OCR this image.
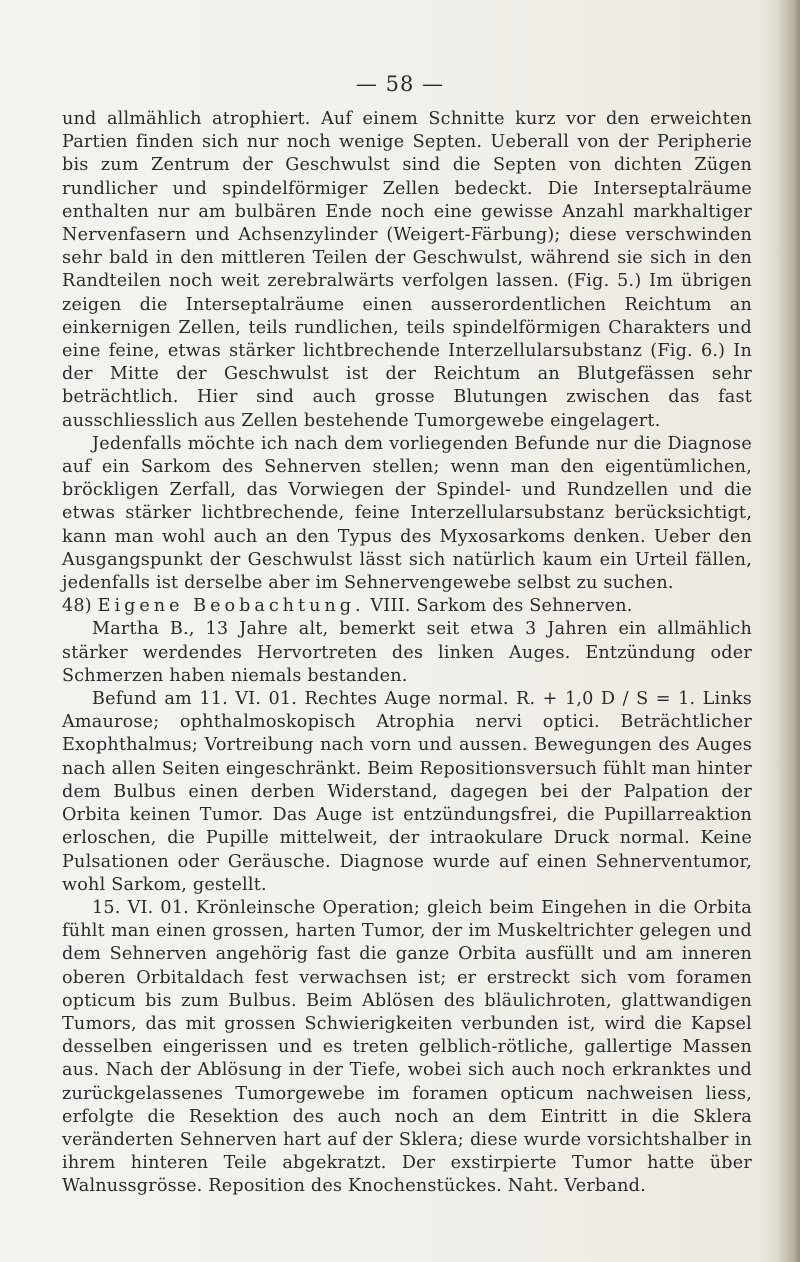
— 58 —

und allmählich atrophiert. Auf einem Schnitte kurz vor den erweichten Partien finden sich nur noch wenige Septen. Ueberall von der Peripherie bis zum Zentrum der Geschwulst sind die Septen von dichten Zügen rundlicher und spindelförmiger Zellen bedeckt. Die Interseptalräume enthalten nur am bulbären Ende noch eine gewisse Anzahl markhaltiger Nervenfasern und Achsenzylinder (Weigert-Färbung); diese verschwinden sehr bald in den mittleren Teilen der Geschwulst, während sie sich in den Randteilen noch weit zerebralwärts verfolgen lassen. (Fig. 5.) Im übrigen zeigen die Interseptalräume einen ausserordentlichen Reichtum an einkernigen Zellen, teils rundlichen, teils spindelförmigen Charakters und eine feine, etwas stärker lichtbrechende Interzellularsubstanz (Fig. 6.) In der Mitte der Geschwulst ist der Reichtum an Blutgefässen sehr beträchtlich. Hier sind auch grosse Blutungen zwischen das fast ausschliesslich aus Zellen bestehende Tumorgewebe eingelagert.

Jedenfalls möchte ich nach dem vorliegenden Befunde nur die Diagnose auf ein Sarkom des Sehnerven stellen; wenn man den eigentümlichen, bröckligen Zerfall, das Vorwiegen der Spindel- und Rundzellen und die etwas stärker lichtbrechende, feine Interzellularsubstanz berücksichtigt, kann man wohl auch an den Typus des Myxosarkoms denken. Ueber den Ausgangspunkt der Geschwulst lässt sich natürlich kaum ein Urteil fällen, jedenfalls ist derselbe aber im Sehnervengewebe selbst zu suchen.

48) Eigene Beobachtung. VIII. Sarkom des Sehnerven.

Martha B., 13 Jahre alt, bemerkt seit etwa 3 Jahren ein allmählich stärker werdendes Hervortreten des linken Auges. Entzündung oder Schmerzen haben niemals bestanden.

Befund am 11. VI. 01. Rechtes Auge normal. R. + 1,0 D / S = 1. Links Amaurose; ophthalmoskopisch Atrophia nervi optici. Beträchtlicher Exophthalmus; Vortreibung nach vorn und aussen. Bewegungen des Auges nach allen Seiten eingeschränkt. Beim Repositionsversuch fühlt man hinter dem Bulbus einen derben Widerstand, dagegen bei der Palpation der Orbita keinen Tumor. Das Auge ist entzündungsfrei, die Pupillarreaktion erloschen, die Pupille mittelweit, der intraokulare Druck normal. Keine Pulsationen oder Geräusche. Diagnose wurde auf einen Sehnerventumor, wohl Sarkom, gestellt.

15. VI. 01. Krönleinsche Operation; gleich beim Eingehen in die Orbita fühlt man einen grossen, harten Tumor, der im Muskeltrichter gelegen und dem Sehnerven angehörig fast die ganze Orbita ausfüllt und am inneren oberen Orbitaldach fest verwachsen ist; er erstreckt sich vom foramen opticum bis zum Bulbus. Beim Ablösen des bläulichroten, glattwandigen Tumors, das mit grossen Schwierigkeiten verbunden ist, wird die Kapsel desselben eingerissen und es treten gelblich-rötliche, gallertige Massen aus. Nach der Ablösung in der Tiefe, wobei sich auch noch erkranktes und zurückgelassenes Tumorgewebe im foramen opticum nachweisen liess, erfolgte die Resektion des auch noch an dem Eintritt in die Sklera veränderten Sehnerven hart auf der Sklera; diese wurde vorsichtshalber in ihrem hinteren Teile abgekratzt. Der exstirpierte Tumor hatte über Walnussgrösse. Reposition des Knochenstückes. Naht. Verband.
